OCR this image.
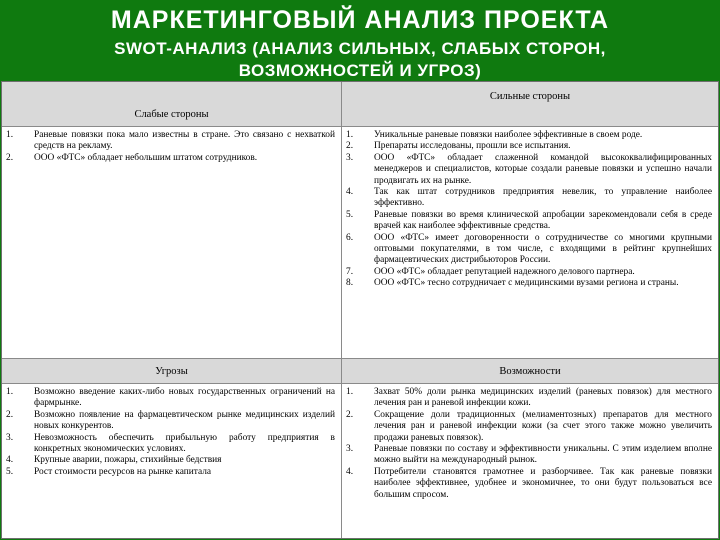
МАРКЕТИНГОВЫЙ АНАЛИЗ ПРОЕКТА
SWOT-АНАЛИЗ (АНАЛИЗ СИЛЬНЫХ, СЛАБЫХ СТОРОН,
ВОЗМОЖНОСТЕЙ И УГРОЗ)
Слабые стороны
Сильные стороны
1. Раневые повязки пока мало известны в стране. Это связано с нехваткой средств на рекламу.
2. ООО «ФТС» обладает небольшим штатом сотрудников.
1. Уникальные раневые повязки наиболее эффективные в своем роде.
2. Препараты исследованы, прошли все испытания.
3. ООО «ФТС» обладает слаженной командой высококвалифицированных менеджеров и специалистов, которые создали раневые повязки и успешно начали продвигать их на рынке.
4. Так как штат сотрудников предприятия невелик, то управление наиболее эффективно.
5. Раневые повязки во время клинической апробации зарекомендовали себя в среде врачей как наиболее эффективные средства.
6. ООО «ФТС» имеет договоренности о сотрудничестве со многими крупными оптовыми покупателями, в том числе, с входящими в рейтинг крупнейших фармацевтических дистрибьюторов России.
7. ООО «ФТС» обладает репутацией надежного делового партнера.
8. ООО «ФТС» тесно сотрудничает с медицинскими вузами региона и страны.
Угрозы	Возможности
1. Возможно введение каких-либо новых государственных ограничений на фармрынке.
2. Возможно появление на фармацевтическом рынке медицинских изделий новых конкурентов.
3. Невозможность обеспечить прибыльную работу предприятия в конкретных экономических условиях.
4. Крупные аварии, пожары, стихийные бедствия
5. Рост стоимости ресурсов на рынке капитала
1. Захват 50% доли рынка медицинских изделий (раневых повязок) для местного лечения ран и раневой инфекции кожи.
2. Сокращение доли традиционных (мелиаментозных) препаратов для местного лечения ран и раневой инфекции кожи (за счет этого также можно увеличить продажи раневых повязок).
3. Раневые повязки по составу и эффективности уникальны. С этим изделием вполне можно выйти на международный рынок.
4. Потребители становятся грамотнее и разборчивее. Так как раневые повязки наиболее эффективнее, удобнее и экономичнее, то они будут пользоваться все большим спросом.
